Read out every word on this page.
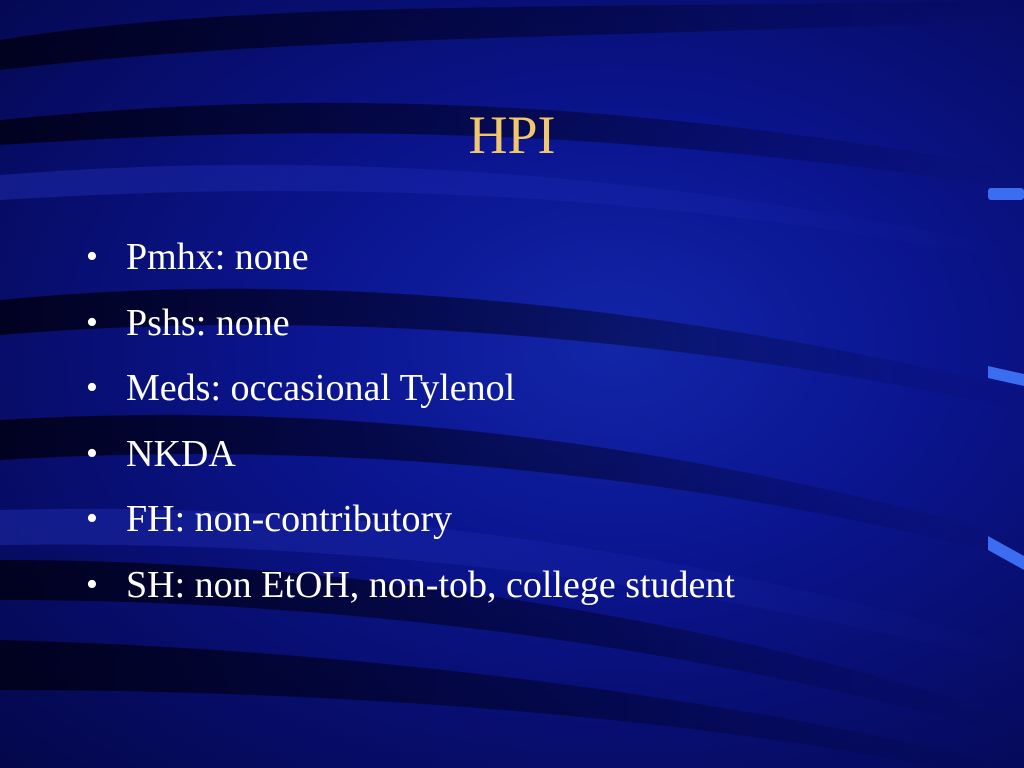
HPI
• Pmhx: none
• Pshs: none
• Meds: occasional Tylenol
• NKDA
• FH: non-contributory
• SH: non EtOH, non-tob, college student
